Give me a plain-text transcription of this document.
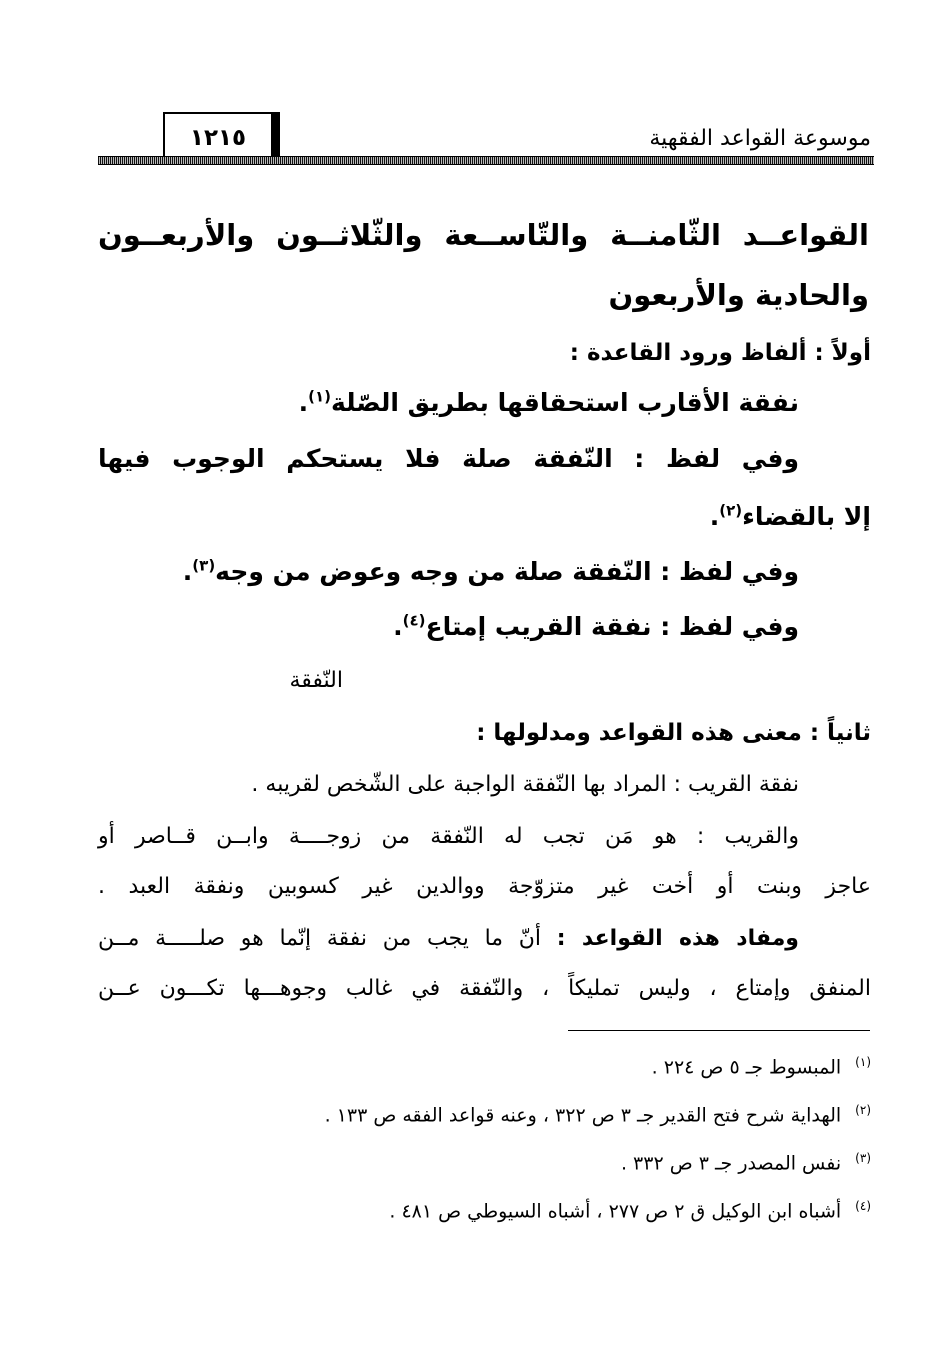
موسوعة القواعد الفقهية
١٢١٥
القواعــد الثّامنــة والتّاســعة والثّلاثــون والأربعــون
والحادية والأربعون
أولاً : ألفاظ ورود القاعدة :
نفقة الأقارب استحقاقها بطريق الصّلة$^{(١)}$.
وفي لفظ : النّفقة صلة فلا يستحكم الوجوب فيها
إلا بالقضاء$^{(٢)}$.
وفي لفظ : النّفقة صلة من وجه وعوض من وجه$^{(٣)}$.
وفي لفظ : نفقة القريب إمتاع$^{(٤)}$.
النّفقة
ثانياً : معنى هذه القواعد ومدلولها :
نفقة القريب : المراد بها النّفقة الواجبة على الشّخص لقريبه .
والقريب : هو مَن تجب له النّفقة من زوجــــة وابــن قــاصر أو
عاجز وبنت أو أخت غير متزوّجة ووالدين غير كسوبين ونفقة العبد .
ومفاد هذه القواعد : أنّ ما يجب من نفقة إنّما هو صلـــــة مــن
المنفق وإمتاع ، وليس تمليكاً ، والنّفقة في غالب وجوهـــها تكـــون عــن
$^{(١)}$المبسوط جـ ٥ ص ٢٢٤ .
$^{(٢)}$الهداية شرح فتح القدير جـ ٣ ص ٣٢٢ ، وعنه قواعد الفقه ص ١٣٣ .
$^{(٣)}$نفس المصدر جـ ٣ ص ٣٣٢ .
$^{(٤)}$أشباه ابن الوكيل ق ٢ ص ٢٧٧ ، أشباه السيوطي ص ٤٨١ .
